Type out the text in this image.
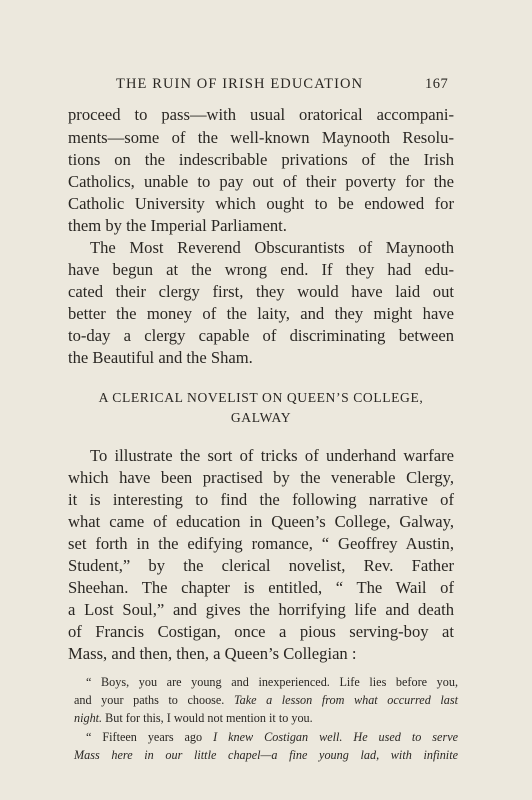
THE RUIN OF IRISH EDUCATION	167
proceed to pass—with usual oratorical accompani-
ments—some of the well-known Maynooth Resolu-
tions on the indescribable privations of the Irish
Catholics, unable to pay out of their poverty for the
Catholic University which ought to be endowed for
them by the Imperial Parliament.
The Most Reverend Obscurantists of Maynooth
have begun at the wrong end. If they had edu-
cated their clergy first, they would have laid out
better the money of the laity, and they might have
to-day a clergy capable of discriminating between
the Beautiful and the Sham.
A CLERICAL NOVELIST ON QUEEN’S COLLEGE,
GALWAY
To illustrate the sort of tricks of underhand warfare
which have been practised by the venerable Clergy,
it is interesting to find the following narrative of
what came of education in Queen’s College, Galway,
set forth in the edifying romance, “ Geoffrey Austin,
Student,” by the clerical novelist, Rev. Father
Sheehan. The chapter is entitled, “ The Wail of
a Lost Soul,” and gives the horrifying life and death
of Francis Costigan, once a pious serving-boy at
Mass, and then, then, a Queen’s Collegian :
“ Boys, you are young and inexperienced. Life lies before you,
and your paths to choose. Take a lesson from what occurred last
night. But for this, I would not mention it to you.
“ Fifteen years ago I knew Costigan well. He used to serve
Mass here in our little chapel—a fine young lad, with infinite
